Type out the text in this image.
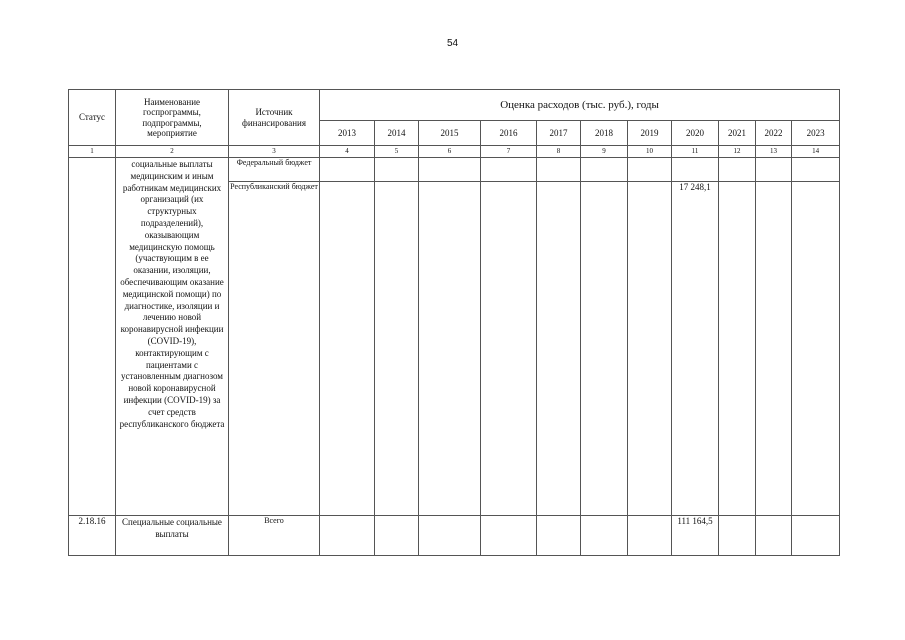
54
Статус	Наименование госпрограммы, подпрограммы, мероприятие	Источник финансирования	Оценка расходов (тыс. руб.), годы										
			2013	2014	2015	2016	2017	2018	2019	2020	2021	2022	2023
1	2	3	4	5	6	7	8	9	10	11	12	13	14
	социальные выплаты медицинским и иным работникам медицинских организаций (их структурных подразделений), оказывающим медицинскую помощь (участвующим в ее оказании, изоляции, обеспечивающим оказание медицинской помощи) по диагностике, изоляции и лечению новой коронавирусной инфекции (COVID-19), контактирующим с пациентами с установленным диагнозом новой коронавирусной инфекции (COVID-19) за счет средств республиканского бюджета	Федеральный бюджет											
		Республиканский бюджет								17 248,1			
2.18.16	Специальные социальные выплаты	Всего								111 164,5			
